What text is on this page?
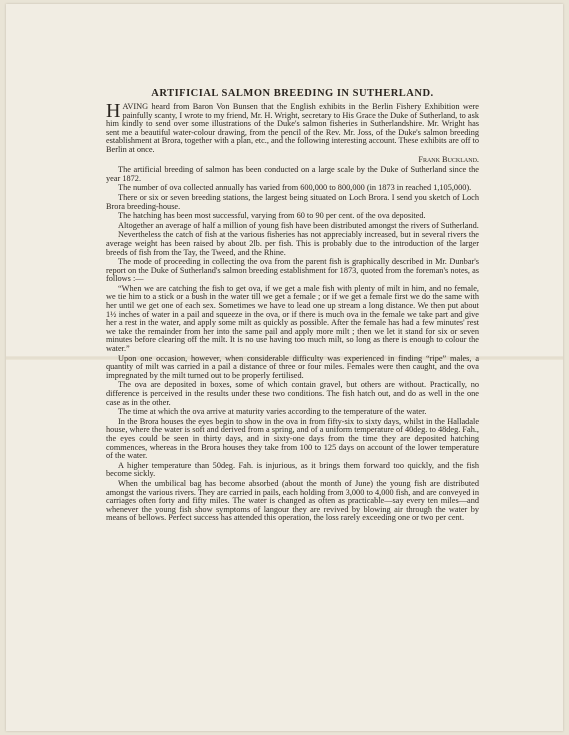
ARTIFICIAL SALMON BREEDING IN SUTHERLAND.

HAVING heard from Baron Von Bunsen that the English exhibits in the Berlin Fishery Exhibition were painfully scanty, I wrote to my friend, Mr. H. Wright, secretary to His Grace the Duke of Sutherland, to ask him kindly to send over some illustrations of the Duke's salmon fisheries in Sutherlandshire. Mr. Wright has sent me a beautiful water-colour drawing, from the pencil of the Rev. Mr. Joss, of the Duke's salmon breeding establishment at Brora, together with a plan, etc., and the following interesting account. These exhibits are off to Berlin at once.

Frank Buckland.

The artificial breeding of salmon has been conducted on a large scale by the Duke of Sutherland since the year 1872.

The number of ova collected annually has varied from 600,000 to 800,000 (in 1873 in reached 1,105,000).

There or six or seven breeding stations, the largest being situated on Loch Brora. I send you sketch of Loch Brora breeding-house.

The hatching has been most successful, varying from 60 to 90 per cent. of the ova deposited.

Altogether an average of half a million of young fish have been distributed amongst the rivers of Sutherland.

Nevertheless the catch of fish at the various fisheries has not appreciably increased, but in several rivers the average weight has been raised by about 2lb. per fish. This is probably due to the introduction of the larger breeds of fish from the Tay, the Tweed, and the Rhine.

The mode of proceeding in collecting the ova from the parent fish is graphically described in Mr. Dunbar's report on the Duke of Sutherland's salmon breeding establishment for 1873, quoted from the foreman's notes, as follows :—

“When we are catching the fish to get ova, if we get a male fish with plenty of milt in him, and no female, we tie him to a stick or a bush in the water till we get a female ; or if we get a female first we do the same with her until we get one of each sex. Sometimes we have to lead one up stream a long distance. We then put about 1½ inches of water in a pail and squeeze in the ova, or if there is much ova in the female we take part and give her a rest in the water, and apply some milt as quickly as possible. After the female has had a few minutes' rest we take the remainder from her into the same pail and apply more milt ; then we let it stand for six or seven minutes before clearing off the milt. It is no use having too much milt, so long as there is enough to colour the water.”

Upon one occasion, however, when considerable difficulty was experienced in finding “ripe” males, a quantity of milt was carried in a pail a distance of three or four miles. Females were then caught, and the ova impregnated by the milt turned out to be properly fertilised.

The ova are deposited in boxes, some of which contain gravel, but others are without. Practically, no difference is perceived in the results under these two conditions. The fish hatch out, and do as well in the one case as in the other.

The time at which the ova arrive at maturity varies according to the temperature of the water.

In the Brora houses the eyes begin to show in the ova in from fifty-six to sixty days, whilst in the Halladale house, where the water is soft and derived from a spring, and of a uniform temperature of 40deg. to 48deg. Fah., the eyes could be seen in thirty days, and in sixty-one days from the time they are deposited hatching commences, whereas in the Brora houses they take from 100 to 125 days on account of the lower temperature of the water.

A higher temperature than 50deg. Fah. is injurious, as it brings them forward too quickly, and the fish become sickly.

When the umbilical bag has become absorbed (about the month of June) the young fish are distributed amongst the various rivers. They are carried in pails, each holding from 3,000 to 4,000 fish, and are conveyed in carriages often forty and fifty miles. The water is changed as often as practicable—say every ten miles—and whenever the young fish show symptoms of langour they are revived by blowing air through the water by means of bellows. Perfect success has attended this operation, the loss rarely exceeding one or two per cent.
